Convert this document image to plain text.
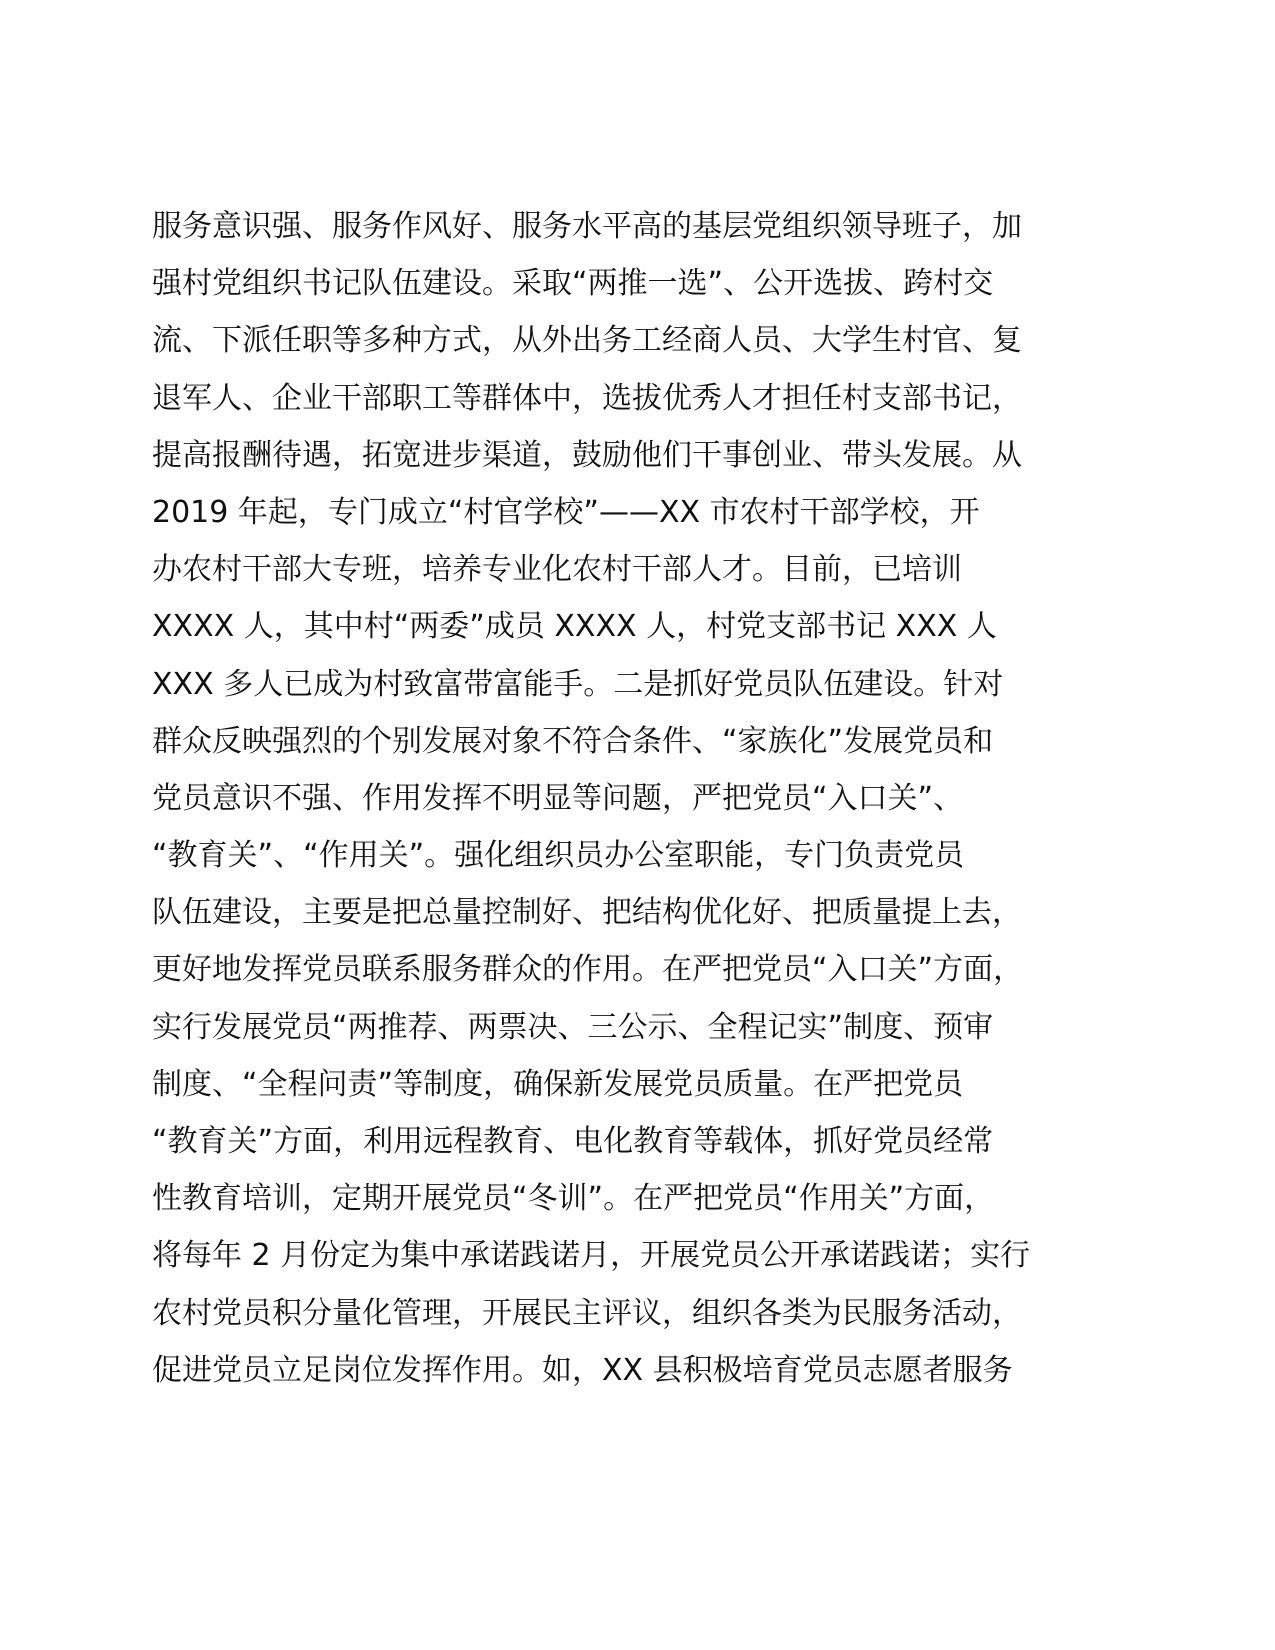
服务意识强、服务作风好、服务水平高的基层党组织领导班子，加
强村党组织书记队伍建设。采取“两推一选”、公开选拔、跨村交
流、下派任职等多种方式，从外出务工经商人员、大学生村官、复
退军人、企业干部职工等群体中，选拔优秀人才担任村支部书记，
提高报酬待遇，拓宽进步渠道，鼓励他们干事创业、带头发展。从
2019 年起，专门成立“村官学校”——XX 市农村干部学校，开
办农村干部大专班，培养专业化农村干部人才。目前，已培训
XXXX 人，其中村“两委”成员 XXXX 人，村党支部书记 XXX 人
XXX 多人已成为村致富带富能手。二是抓好党员队伍建设。针对
群众反映强烈的个别发展对象不符合条件、“家族化”发展党员和
党员意识不强、作用发挥不明显等问题，严把党员“入口关”、
“教育关”、“作用关”。强化组织员办公室职能，专门负责党员
队伍建设，主要是把总量控制好、把结构优化好、把质量提上去，
更好地发挥党员联系服务群众的作用。在严把党员“入口关”方面，
实行发展党员“两推荐、两票决、三公示、全程记实”制度、预审
制度、“全程问责”等制度，确保新发展党员质量。在严把党员
“教育关”方面，利用远程教育、电化教育等载体，抓好党员经常
性教育培训，定期开展党员“冬训”。在严把党员“作用关”方面，
将每年 2 月份定为集中承诺践诺月，开展党员公开承诺践诺；实行
农村党员积分量化管理，开展民主评议，组织各类为民服务活动，
促进党员立足岗位发挥作用。如，XX 县积极培育党员志愿者服务
